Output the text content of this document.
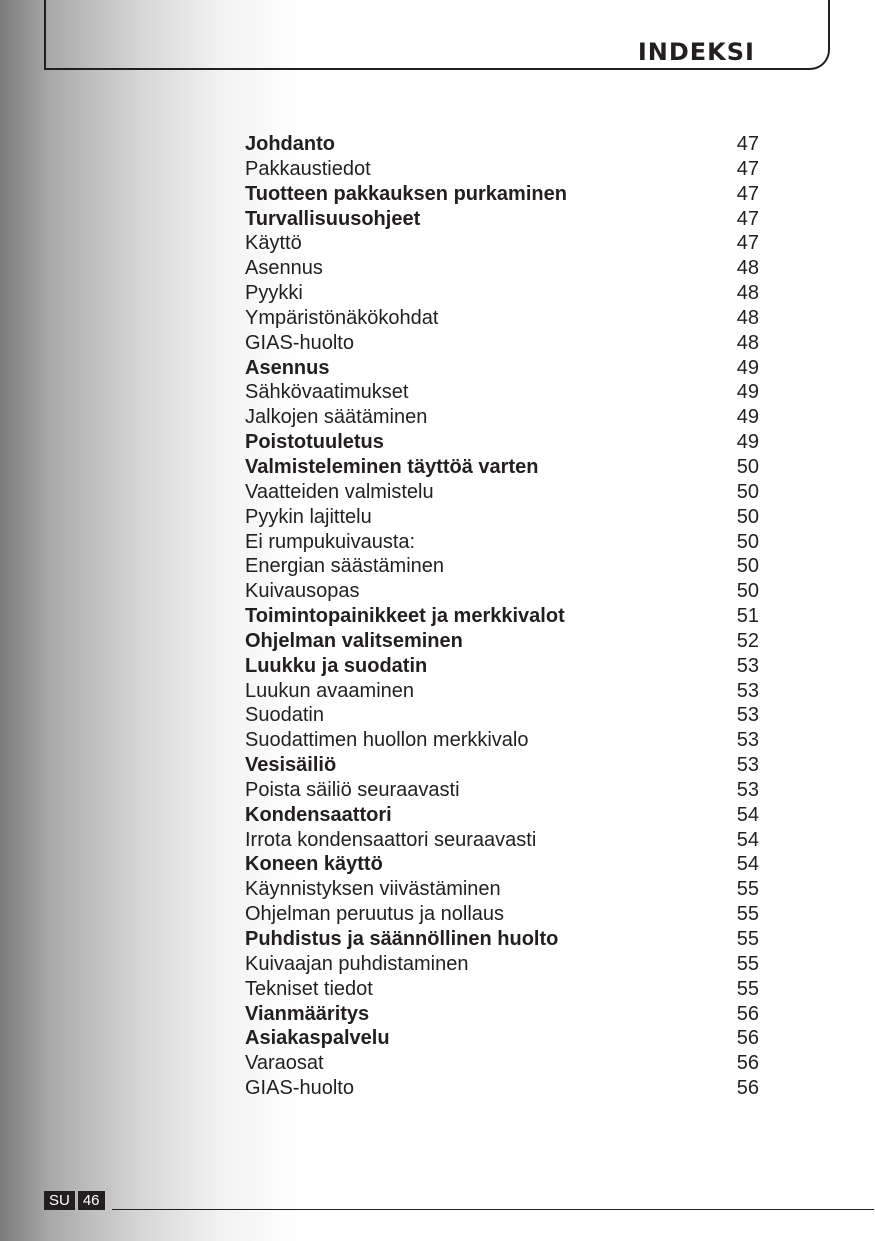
INDEKSI
Johdanto	47
Pakkaustiedot	47
Tuotteen pakkauksen purkaminen	47
Turvallisuusohjeet	47
Käyttö	47
Asennus	48
Pyykki	48
Ympäristönäkökohdat	48
GIAS-huolto	48
Asennus	49
Sähkövaatimukset	49
Jalkojen säätäminen	49
Poistotuuletus	49
Valmisteleminen täyttöä varten	50
Vaatteiden valmistelu	50
Pyykin lajittelu	50
Ei rumpukuivausta:	50
Energian säästäminen	50
Kuivausopas	50
Toimintopainikkeet ja merkkivalot	51
Ohjelman valitseminen	52
Luukku ja suodatin	53
Luukun avaaminen	53
Suodatin	53
Suodattimen huollon merkkivalo	53
Vesisäiliö	53
Poista säiliö seuraavasti	53
Kondensaattori	54
Irrota kondensaattori seuraavasti	54
Koneen käyttö	54
Käynnistyksen viivästäminen	55
Ohjelman peruutus ja nollaus	55
Puhdistus ja säännöllinen huolto	55
Kuivaajan puhdistaminen	55
Tekniset tiedot	55
Vianmääritys	56
Asiakaspalvelu	56
Varaosat	56
GIAS-huolto	56
SU 46
